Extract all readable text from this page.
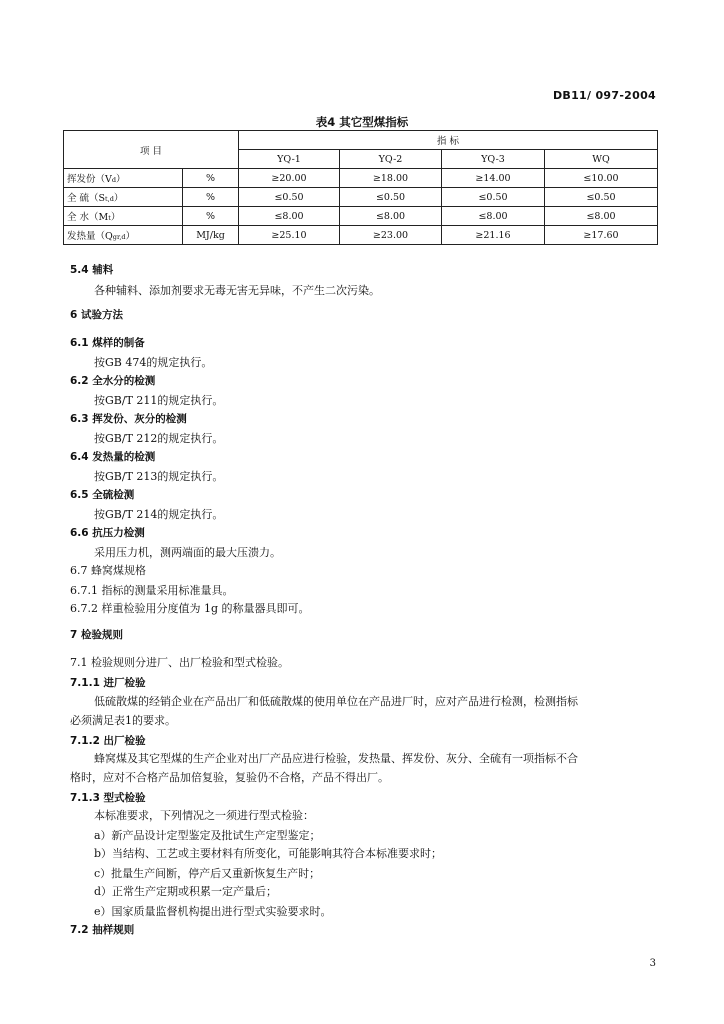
DB11/ 097-2004
表4 其它型煤指标
项 目		指 标			
		YQ-1	YQ-2	YQ-3	WQ
挥发份（Vd）	%	≥20.00	≥18.00	≥14.00	≤10.00
全 硫（St,d）	%	≤0.50	≤0.50	≤0.50	≤0.50
全 水（Mt）	%	≤8.00	≤8.00	≤8.00	≤8.00
发热量（Qgr,d）	MJ/kg	≥25.10	≥23.00	≥21.16	≥17.60
5.4 辅料
各种辅料、添加剂要求无毒无害无异味，不产生二次污染。
6 试验方法
6.1 煤样的制备
按GB 474的规定执行。
6.2 全水分的检测
按GB/T 211的规定执行。
6.3 挥发份、灰分的检测
按GB/T 212的规定执行。
6.4 发热量的检测
按GB/T 213的规定执行。
6.5 全硫检测
按GB/T 214的规定执行。
6.6 抗压力检测
采用压力机，测两端面的最大压溃力。
6.7 蜂窝煤规格
6.7.1 指标的测量采用标准量具。
6.7.2 样重检验用分度值为 1g 的称量器具即可。
7 检验规则
7.1 检验规则分进厂、出厂检验和型式检验。
7.1.1 进厂检验
低硫散煤的经销企业在产品出厂和低硫散煤的使用单位在产品进厂时，应对产品进行检测，检测指标
必须满足表1的要求。
7.1.2 出厂检验
蜂窝煤及其它型煤的生产企业对出厂产品应进行检验，发热量、挥发份、灰分、全硫有一项指标不合
格时，应对不合格产品加倍复验，复验仍不合格，产品不得出厂。
7.1.3 型式检验
本标准要求，下列情况之一须进行型式检验：
a）新产品设计定型鉴定及批试生产定型鉴定；
b）当结构、工艺或主要材料有所变化，可能影响其符合本标准要求时；
c）批量生产间断，停产后又重新恢复生产时；
d）正常生产定期或积累一定产量后；
e）国家质量监督机构提出进行型式实验要求时。
7.2 抽样规则
3
